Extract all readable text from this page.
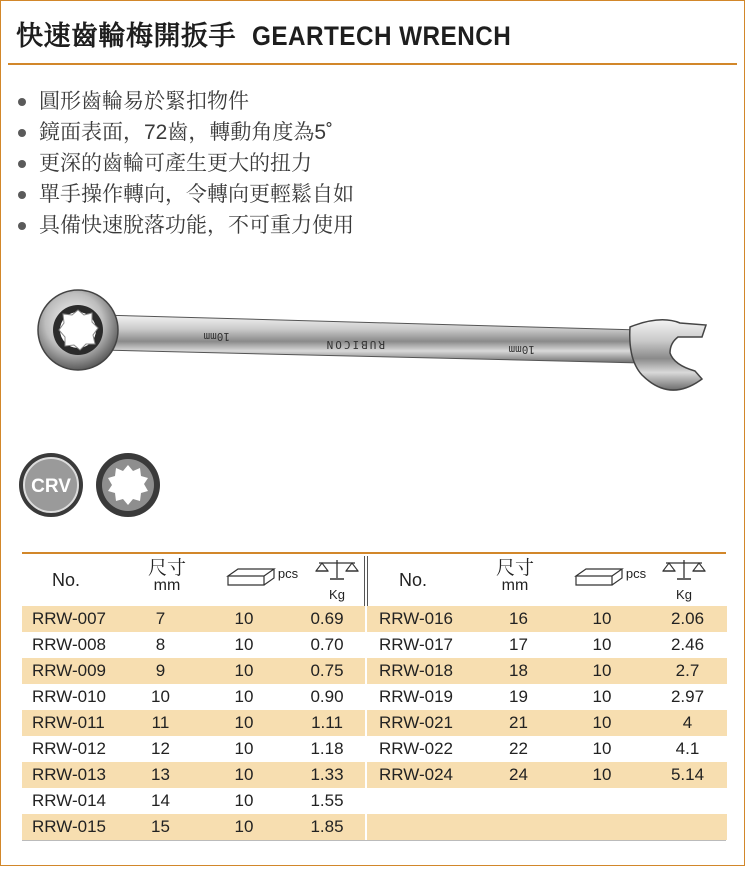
快速齒輪梅開扳手 GEARTECH WRENCH
圓形齒輪易於緊扣物件
鏡面表面，72齒，轉動角度為5˚
更深的齒輪可產生更大的扭力
單手操作轉向，令轉向更輕鬆自如
具備快速脫落功能，不可重力使用
10mm
RUBICON	10mm
CRV
No.
尺寸
mm
$^{pcs}$
Kg
RRW-007	7	10	0.69
RRW-008	8	10	0.70
RRW-009	9	10	0.75
RRW-010	10	10	0.90
RRW-011	11	10	1.11
RRW-012	12	10	1.18
RRW-013	13	10	1.33
RRW-014	14	10	1.55
RRW-015	15	10	1.85
No.
尺寸
mm
$^{pcs}$
Kg
RRW-016	16	10	2.06
RRW-017	17	10	2.46
RRW-018	18	10	2.7
RRW-019	19	10	2.97
RRW-021	21	10	4
RRW-022	22	10	4.1
RRW-024	24	10	5.14
